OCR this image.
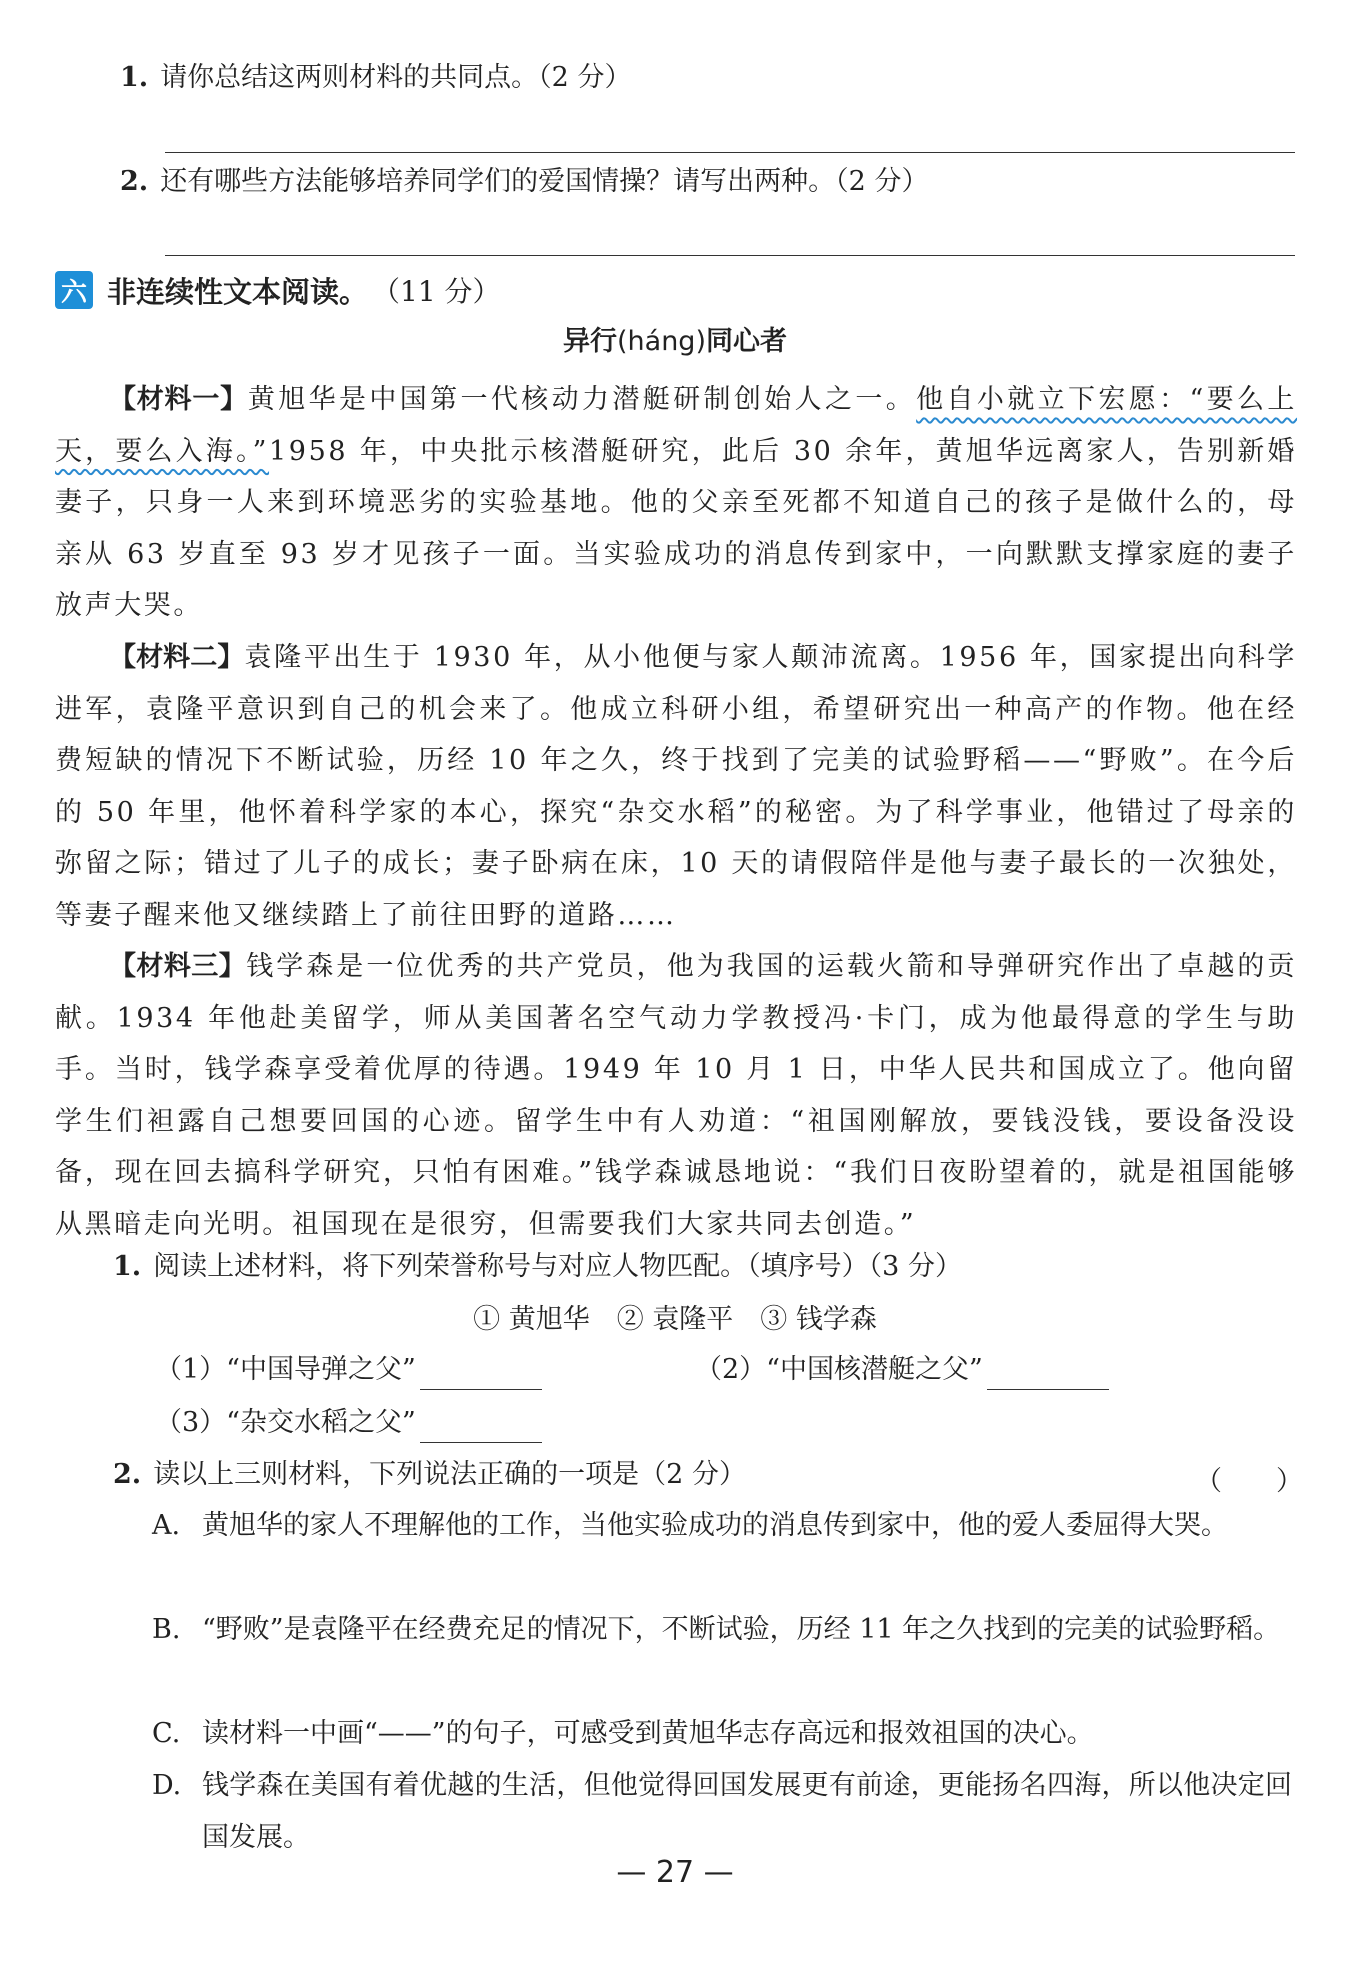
1. 请你总结这两则材料的共同点。（2 分）
2. 还有哪些方法能够培养同学们的爱国情操？请写出两种。（2 分）
六 非连续性文本阅读。 （11 分）
异行(háng)同心者
【材料一】黄旭华是中国第一代核动力潜艇研制创始人之一。他自小就立下宏愿：“要么上天，要么入海。”1958 年，中央批示核潜艇研究，此后 30 余年，黄旭华远离家人，告别新婚妻子，只身一人来到环境恶劣的实验基地。他的父亲至死都不知道自己的孩子是做什么的，母亲从 63 岁直至 93 岁才见孩子一面。当实验成功的消息传到家中，一向默默支撑家庭的妻子放声大哭。
【材料二】袁隆平出生于 1930 年，从小他便与家人颠沛流离。1956 年，国家提出向科学进军，袁隆平意识到自己的机会来了。他成立科研小组，希望研究出一种高产的作物。他在经费短缺的情况下不断试验，历经 10 年之久，终于找到了完美的试验野稻——“野败”。在今后的 50 年里，他怀着科学家的本心，探究“杂交水稻”的秘密。为了科学事业，他错过了母亲的弥留之际；错过了儿子的成长；妻子卧病在床，10 天的请假陪伴是他与妻子最长的一次独处，等妻子醒来他又继续踏上了前往田野的道路……
【材料三】钱学森是一位优秀的共产党员，他为我国的运载火箭和导弹研究作出了卓越的贡献。1934 年他赴美留学，师从美国著名空气动力学教授冯·卡门，成为他最得意的学生与助手。当时，钱学森享受着优厚的待遇。1949 年 10 月 1 日，中华人民共和国成立了。他向留学生们袒露自己想要回国的心迹。留学生中有人劝道：“祖国刚解放，要钱没钱，要设备没设备，现在回去搞科学研究，只怕有困难。”钱学森诚恳地说：“我们日夜盼望着的，就是祖国能够从黑暗走向光明。祖国现在是很穷，但需要我们大家共同去创造。”
1. 阅读上述材料，将下列荣誉称号与对应人物匹配。（填序号）（3 分）
① 黄旭华　② 袁隆平　③ 钱学森
（1）“中国导弹之父”	（2）“中国核潜艇之父”
（3）“杂交水稻之父”
2. 读以上三则材料，下列说法正确的一项是（2 分）	（　　）
A. 黄旭华的家人不理解他的工作，当他实验成功的消息传到家中，他的爱人委屈得大哭。
B. “野败”是袁隆平在经费充足的情况下，不断试验，历经 11 年之久找到的完美的试验野稻。
C. 读材料一中画“——”的句子，可感受到黄旭华志存高远和报效祖国的决心。
D. 钱学森在美国有着优越的生活，但他觉得回国发展更有前途，更能扬名四海，所以他决定回国发展。
— 27 —
